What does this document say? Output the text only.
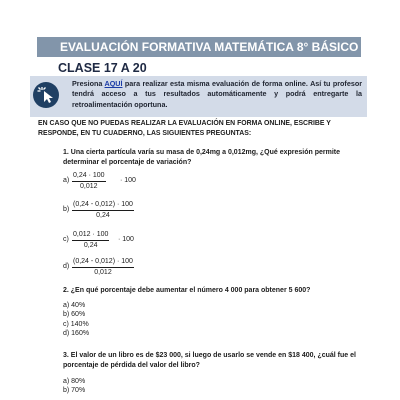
EVALUACIÓN FORMATIVA MATEMÁTICA 8° BÁSICO
CLASE 17 A 20
Presiona AQUÍ para realizar esta misma evaluación de forma online. Así tu profesor tendrá acceso a tus resultados automáticamente y podrá entregarte la retroalimentación oportuna.
EN CASO QUE NO PUEDAS REALIZAR LA EVALUACIÓN EN FORMA ONLINE, ESCRIBE Y RESPONDE, EN TU CUADERNO, LAS SIGUIENTES PREGUNTAS:
1. Una cierta partícula varía su masa de 0,24mg a 0,012mg, ¿Qué expresión permite determinar el porcentaje de variación?
$a) \frac{0,24 \cdot 100}{0,012} \cdot 100$
$b) \frac{(0,24 - 0,012) \cdot 100}{0,24}$
$c) \frac{0,012 \cdot 100}{0,24} \cdot 100$
$d) \frac{(0,24 - 0,012) \cdot 100}{0,012}$
2. ¿En qué porcentaje debe aumentar el número 4 000 para obtener 5 600?
a) 40%
b) 60%
c) 140%
d) 160%
3. El valor de un libro es de $23 000, si luego de usarlo se vende en $18 400, ¿cuál fue el porcentaje de pérdida del valor del libro?
a) 80%
b) 70%
